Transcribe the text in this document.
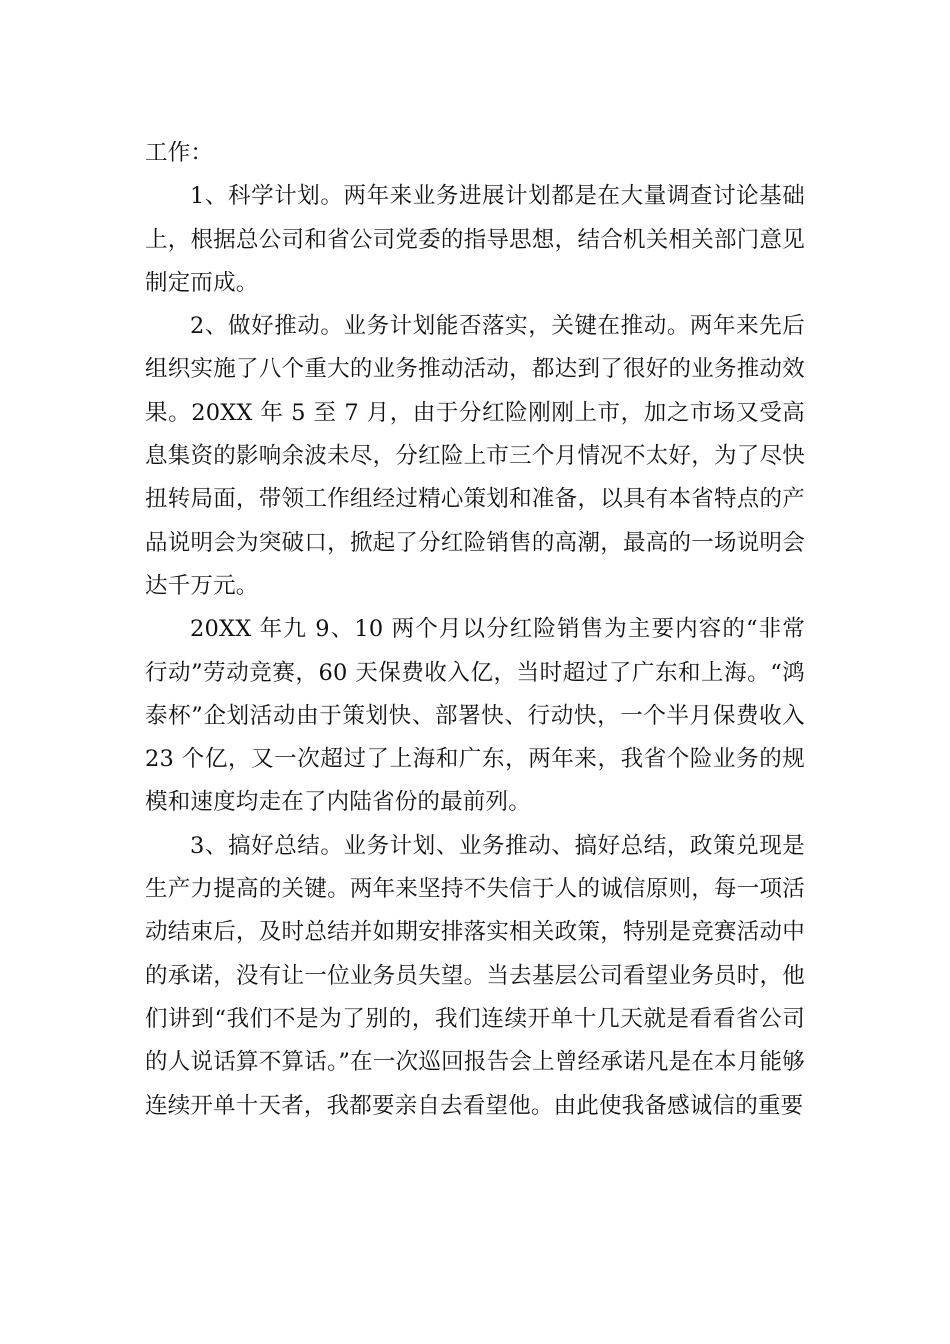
工作：

1、科学计划。两年来业务进展计划都是在大量调查讨论基础上，根据总公司和省公司党委的指导思想，结合机关相关部门意见制定而成。

2、做好推动。业务计划能否落实，关键在推动。两年来先后组织实施了八个重大的业务推动活动，都达到了很好的业务推动效果。20XX 年 5 至 7 月，由于分红险刚刚上市，加之市场又受高息集资的影响余波未尽，分红险上市三个月情况不太好，为了尽快扭转局面，带领工作组经过精心策划和准备，以具有本省特点的产品说明会为突破口，掀起了分红险销售的高潮，最高的一场说明会达千万元。

20XX 年九 9、10 两个月以分红险销售为主要内容的“非常行动”劳动竞赛，60 天保费收入亿，当时超过了广东和上海。“鸿泰杯”企划活动由于策划快、部署快、行动快，一个半月保费收入 23 个亿，又一次超过了上海和广东，两年来，我省个险业务的规模和速度均走在了内陆省份的最前列。

3、搞好总结。业务计划、业务推动、搞好总结，政策兑现是生产力提高的关键。两年来坚持不失信于人的诚信原则，每一项活动结束后，及时总结并如期安排落实相关政策，特别是竞赛活动中的承诺，没有让一位业务员失望。当去基层公司看望业务员时，他们讲到“我们不是为了别的，我们连续开单十几天就是看看省公司的人说话算不算话。”在一次巡回报告会上曾经承诺凡是在本月能够连续开单十天者，我都要亲自去看望他。由此使我备感诚信的重要
